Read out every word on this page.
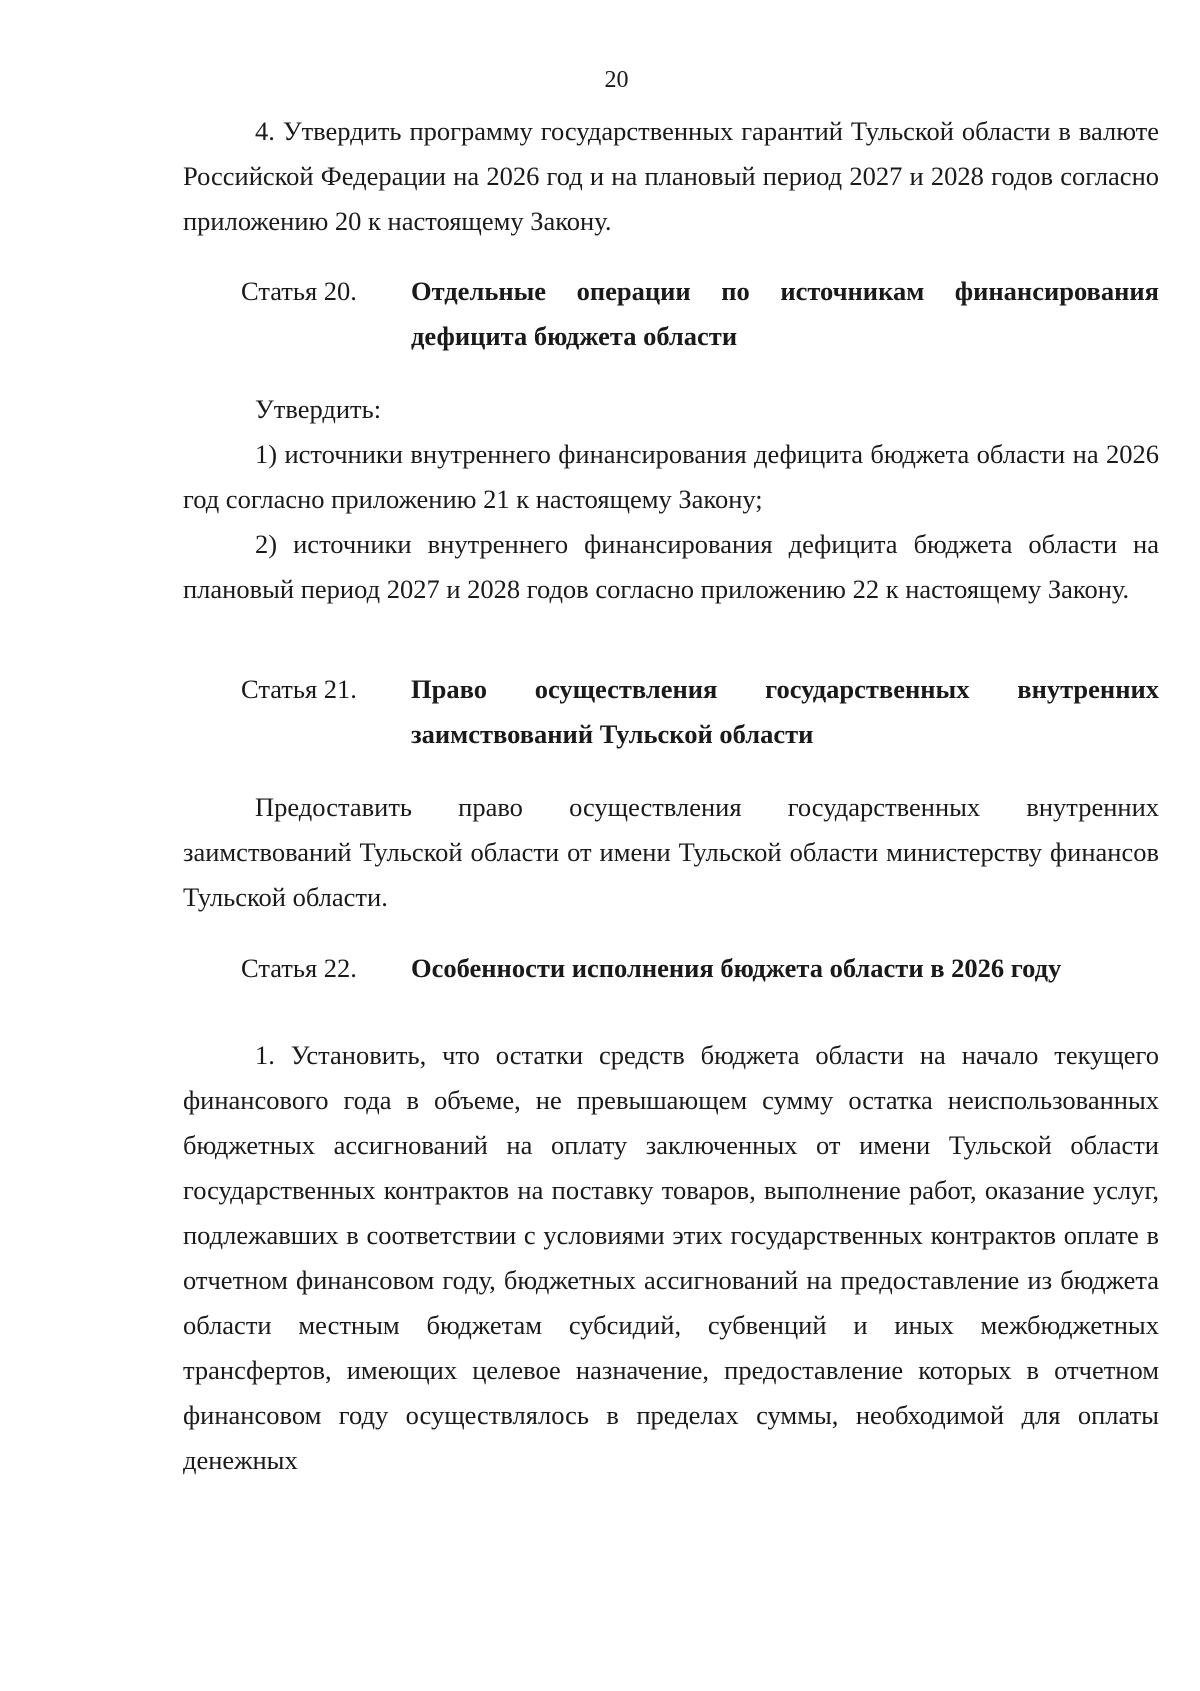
20

4. Утвердить программу государственных гарантий Тульской области в валюте Российской Федерации на 2026 год и на плановый период 2027 и 2028 годов согласно приложению 20 к настоящему Закону.

Статья 20.	Отдельные операции по источникам финансирования дефицита бюджета области

Утвердить:

1) источники внутреннего финансирования дефицита бюджета области на 2026 год согласно приложению 21 к настоящему Закону;

2) источники внутреннего финансирования дефицита бюджета области на плановый период 2027 и 2028 годов согласно приложению 22 к настоящему Закону.

Статья 21.	Право осуществления государственных внутренних заимствований Тульской области

Предоставить право осуществления государственных внутренних заимствований Тульской области от имени Тульской области министерству финансов Тульской области.

Статья 22.	Особенности исполнения бюджета области в 2026 году

1. Установить, что остатки средств бюджета области на начало текущего финансового года в объеме, не превышающем сумму остатка неиспользованных бюджетных ассигнований на оплату заключенных от имени Тульской области государственных контрактов на поставку товаров, выполнение работ, оказание услуг, подлежавших в соответствии с условиями этих государственных контрактов оплате в отчетном финансовом году, бюджетных ассигнований на предоставление из бюджета области местным бюджетам субсидий, субвенций и иных межбюджетных трансфертов, имеющих целевое назначение, предоставление которых в отчетном финансовом году осуществлялось в пределах суммы, необходимой для оплаты денежных
